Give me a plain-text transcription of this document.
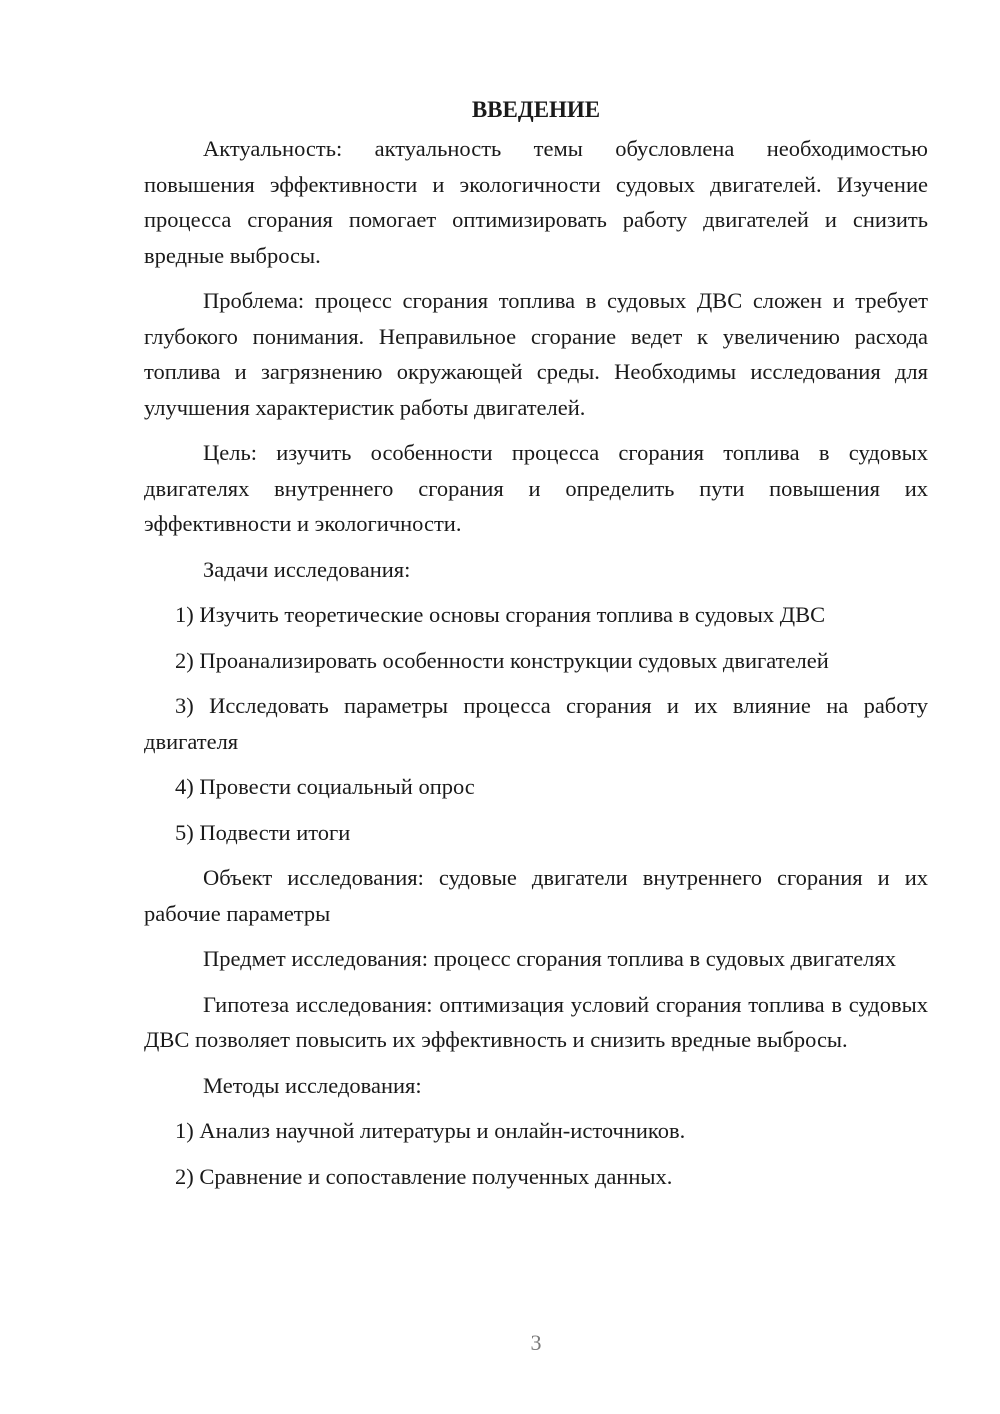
ВВЕДЕНИЕ

Актуальность: актуальность темы обусловлена необходимостью повышения эффективности и экологичности судовых двигателей. Изучение процесса сгорания помогает оптимизировать работу двигателей и снизить вредные выбросы.

Проблема: процесс сгорания топлива в судовых ДВС сложен и требует глубокого понимания. Неправильное сгорание ведет к увеличению расхода топлива и загрязнению окружающей среды. Необходимы исследования для улучшения характеристик работы двигателей.

Цель: изучить особенности процесса сгорания топлива в судовых двигателях внутреннего сгорания и определить пути повышения их эффективности и экологичности.

Задачи исследования:

1) Изучить теоретические основы сгорания топлива в судовых ДВС

2) Проанализировать особенности конструкции судовых двигателей

3) Исследовать параметры процесса сгорания и их влияние на работу двигателя

4) Провести социальный опрос

5) Подвести итоги

Объект исследования: судовые двигатели внутреннего сгорания и их рабочие параметры

Предмет исследования: процесс сгорания топлива в судовых двигателях

Гипотеза исследования: оптимизация условий сгорания топлива в судовых ДВС позволяет повысить их эффективность и снизить вредные выбросы.

Методы исследования:

1) Анализ научной литературы и онлайн-источников.

2) Сравнение и сопоставление полученных данных.

3
